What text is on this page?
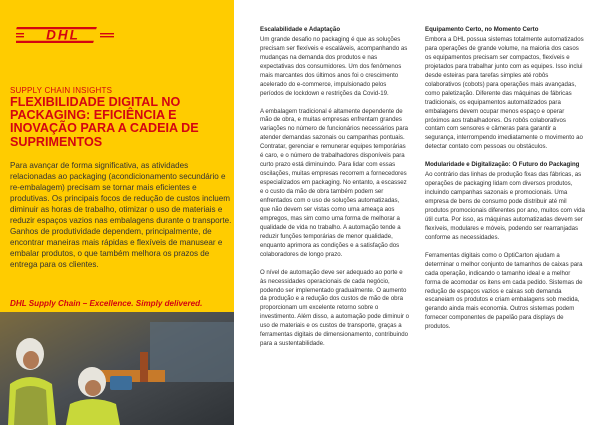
DHL
SUPPLY CHAIN INSIGHTS
FLEXIBILIDADE DIGITAL NO PACKAGING: EFICIÊNCIA E INOVAÇÃO PARA A CADEIA DE SUPRIMENTOS
Para avançar de forma significativa, as atividades relacionadas ao packaging (acondicionamento secundário e re-embalagem) precisam se tornar mais eficientes e produtivas. Os principais focos de redução de custos incluem diminuir as horas de trabalho, otimizar o uso de materiais e reduzir espaços vazios nas embalagens durante o transporte. Ganhos de produtividade dependem, principalmente, de encontrar maneiras mais rápidas e flexíveis de manusear e embalar produtos, o que também melhora os prazos de entrega para os clientes.
DHL Supply Chain – Excellence. Simply delivered.
Escalabilidade e Adaptação

Um grande desafio no packaging é que as soluções precisam ser flexíveis e escaláveis, acompanhando as mudanças na demanda dos produtos e nas expectativas dos consumidores. Um dos fenômenos mais marcantes dos últimos anos foi o crescimento acelerado do e-commerce, impulsionado pelos períodos de lockdown e restrições da Covid-19.

A embalagem tradicional é altamente dependente de mão de obra, e muitas empresas enfrentam grandes variações no número de funcionários necessários para atender demandas sazonais ou campanhas pontuais. Contratar, gerenciar e remunerar equipes temporárias é caro, e o número de trabalhadores disponíveis para curto prazo está diminuindo. Para lidar com essas oscilações, muitas empresas recorrem a fornecedores especializados em packaging. No entanto, a escassez e o custo da mão de obra também podem ser enfrentados com o uso de soluções automatizadas, que não devem ser vistas como uma ameaça aos empregos, mas sim como uma forma de melhorar a qualidade de vida no trabalho. A automação tende a reduzir funções temporárias de menor qualidade, enquanto aprimora as condições e a satisfação dos colaboradores de longo prazo.

O nível de automação deve ser adequado ao porte e às necessidades operacionais de cada negócio, podendo ser implementado gradualmente. O aumento da produção e a redução dos custos de mão de obra proporcionam um excelente retorno sobre o investimento. Além disso, a automação pode diminuir o uso de materiais e os custos de transporte, graças a ferramentas digitais de dimensionamento, contribuindo para a sustentabilidade.

Equipamento Certo, no Momento Certo

Embora a DHL possua sistemas totalmente automatizados para operações de grande volume, na maioria dos casos os equipamentos precisam ser compactos, flexíveis e projetados para trabalhar junto com as equipes. Isso inclui desde esteiras para tarefas simples até robôs colaborativos (cobots) para operações mais avançadas, como paletização. Diferente das máquinas de fábricas tradicionais, os equipamentos automatizados para embalagens devem ocupar menos espaço e operar próximos aos trabalhadores. Os robôs colaborativos contam com sensores e câmeras para garantir a segurança, interrompendo imediatamente o movimento ao detectar contato com pessoas ou obstáculos.

Modularidade e Digitalização: O Futuro do Packaging

Ao contrário das linhas de produção fixas das fábricas, as operações de packaging lidam com diversos produtos, incluindo campanhas sazonais e promocionais. Uma empresa de bens de consumo pode distribuir até mil produtos promocionais diferentes por ano, muitos com vida útil curta. Por isso, as máquinas automatizadas devem ser flexíveis, modulares e móveis, podendo ser rearranjadas conforme as necessidades.

Ferramentas digitais como o OptiCarton ajudam a determinar o melhor conjunto de tamanhos de caixas para cada operação, indicando o tamanho ideal e a melhor forma de acomodar os itens em cada pedido. Sistemas de redução de espaços vazios e caixas sob demanda escaneiam os produtos e criam embalagens sob medida, gerando ainda mais economia. Outros sistemas podem fornecer componentes de papelão para displays de produtos.
